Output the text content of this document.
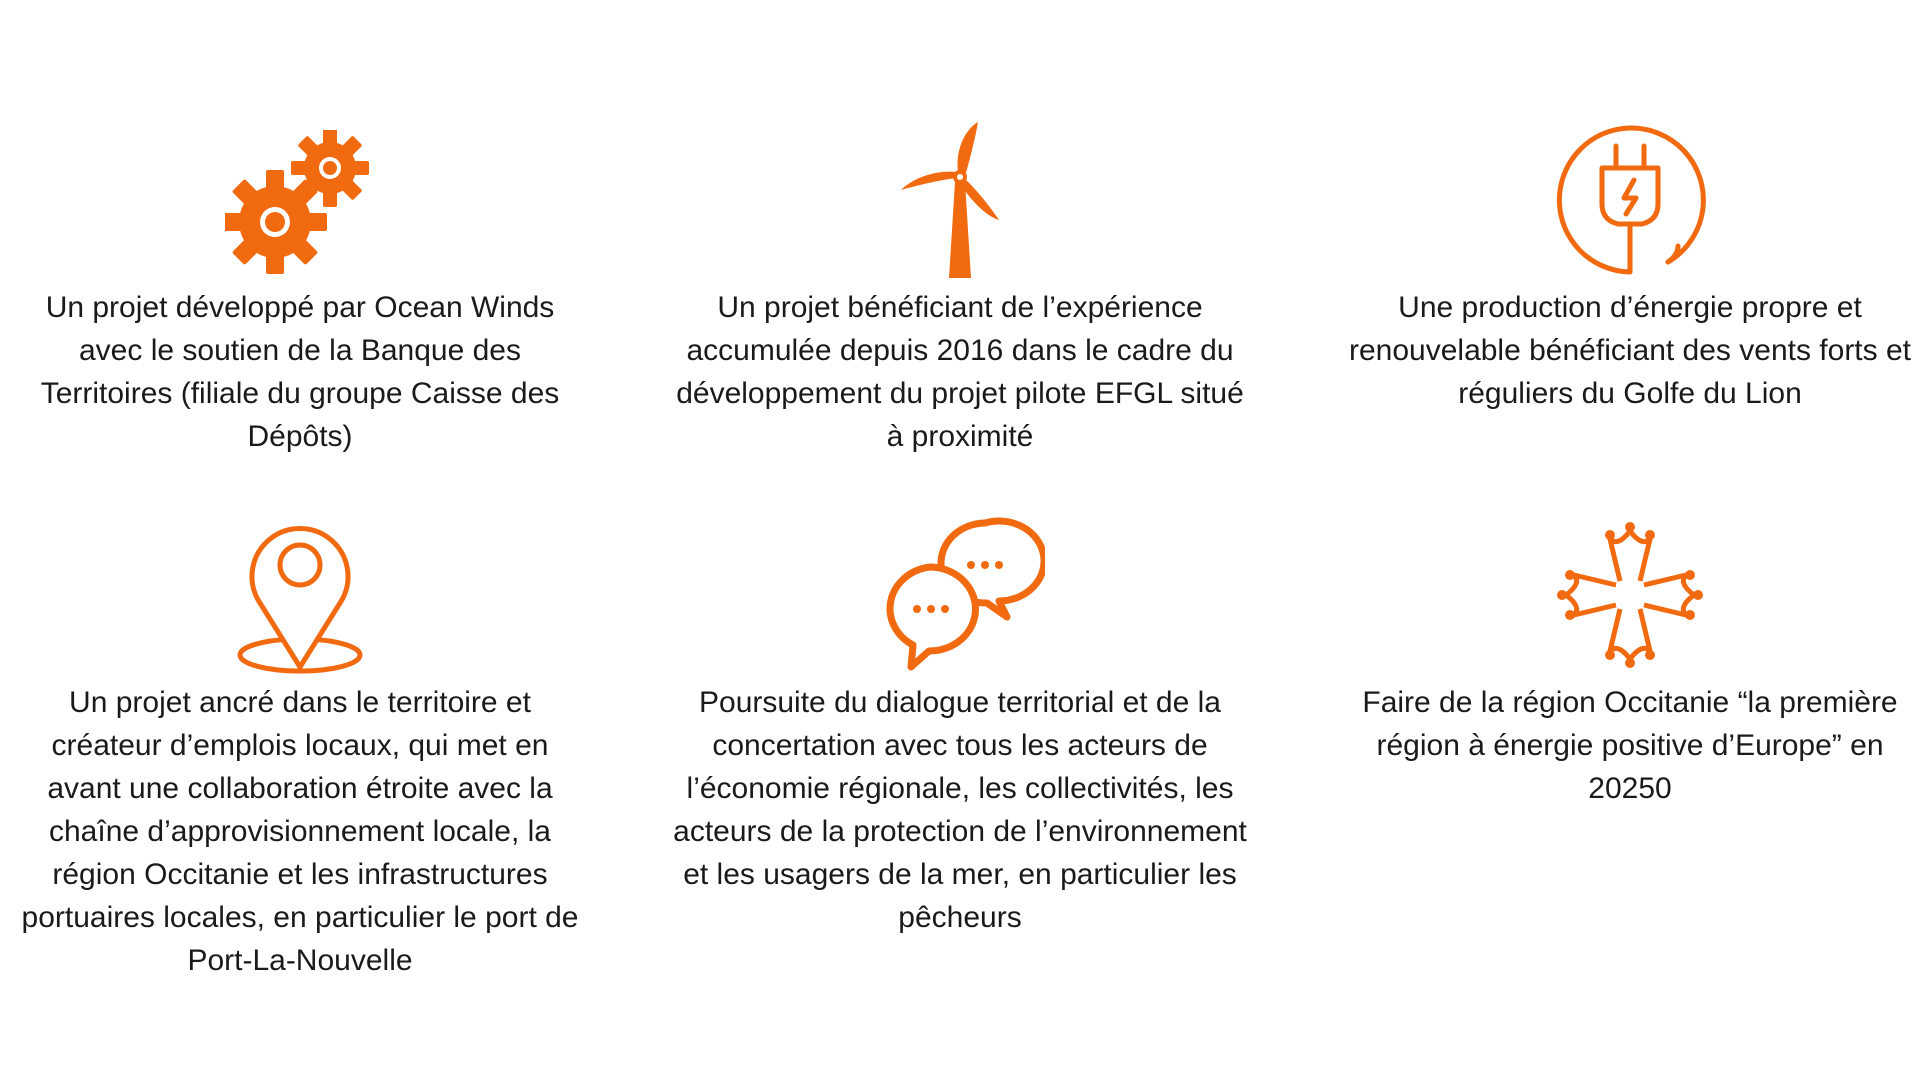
Un projet développé par Ocean Winds avec le soutien de la Banque des Territoires (filiale du groupe Caisse des Dépôts)

Un projet bénéficiant de l’expérience accumulée depuis 2016 dans le cadre du développement du projet pilote EFGL situé à proximité

Une production d’énergie propre et renouvelable bénéficiant des vents forts et réguliers du Golfe du Lion

Un projet ancré dans le territoire et créateur d’emplois locaux, qui met en avant une collaboration étroite avec la chaîne d’approvisionnement locale, la région Occitanie et les infrastructures portuaires locales, en particulier le port de Port-La-Nouvelle

Poursuite du dialogue territorial et de la concertation avec tous les acteurs de l’économie régionale, les collectivités, les acteurs de la protection de l’environnement et les usagers de la mer, en particulier les pêcheurs

Faire de la région Occitanie “la première région à énergie positive d’Europe” en 20250
